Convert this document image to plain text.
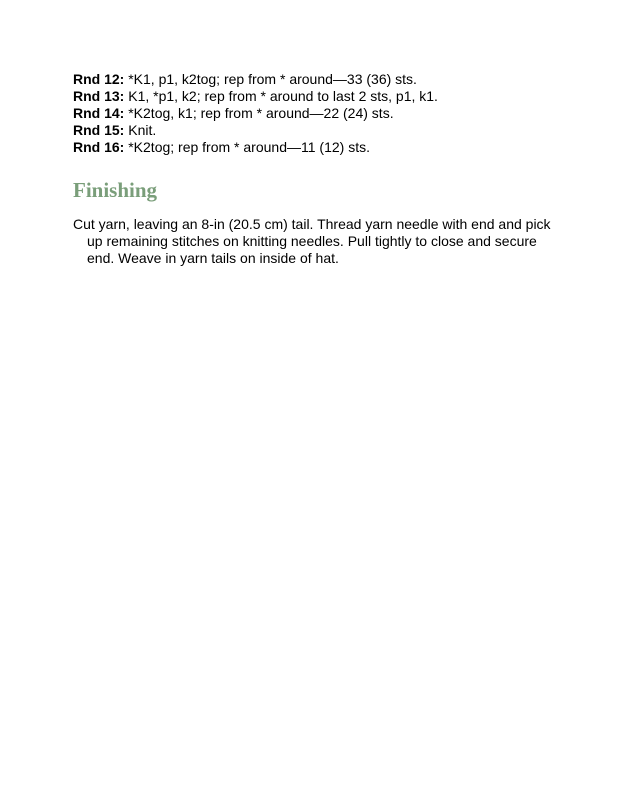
Rnd 12: *K1, p1, k2tog; rep from * around—33 (36) sts.
Rnd 13: K1, *p1, k2; rep from * around to last 2 sts, p1, k1.
Rnd 14: *K2tog, k1; rep from * around—22 (24) sts.
Rnd 15: Knit.
Rnd 16: *K2tog; rep from * around—11 (12) sts.
Finishing

Cut yarn, leaving an 8-in (20.5 cm) tail. Thread yarn needle with end and pick up remaining stitches on knitting needles. Pull tightly to close and secure end. Weave in yarn tails on inside of hat.
